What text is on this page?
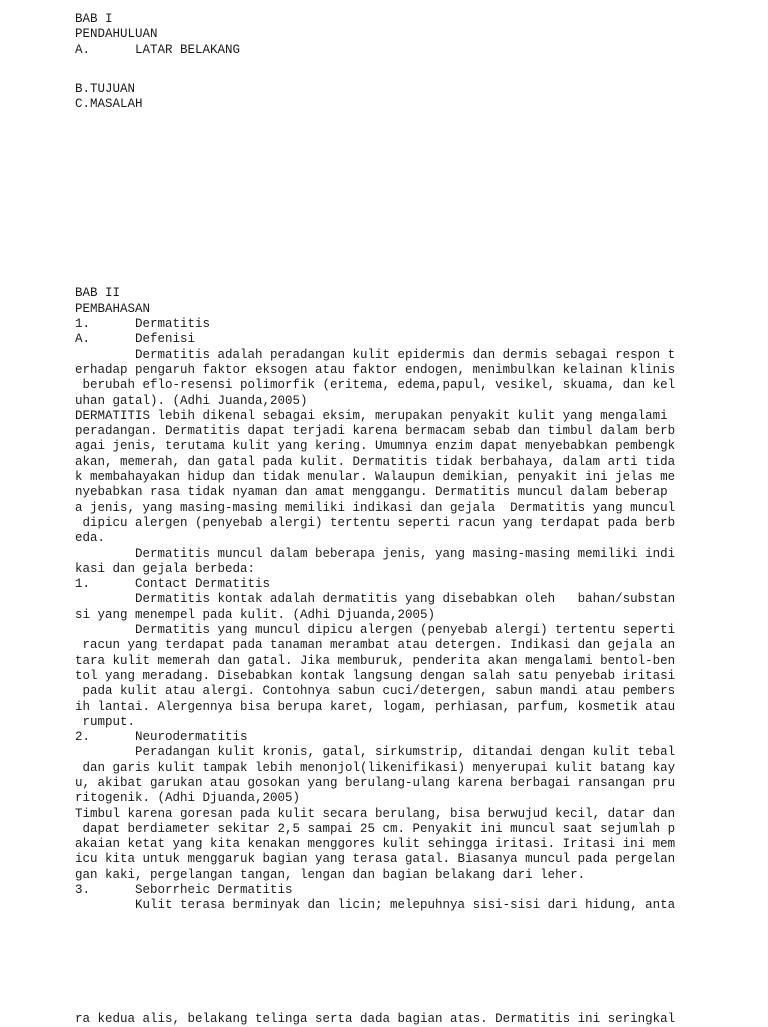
BAB I
PENDAHULUAN
A.      LATAR BELAKANG
B.TUJUAN
C.MASALAH
BAB II
PEMBAHASAN
1.      Dermatitis
A.      Defenisi
Dermatitis adalah peradangan kulit epidermis dan dermis sebagai respon t
erhadap pengaruh faktor eksogen atau faktor endogen, menimbulkan kelainan klinis
berubah eflo-resensi polimorfik (eritema, edema,papul, vesikel, skuama, dan kel
uhan gatal). (Adhi Juanda,2005)
DERMATITIS lebih dikenal sebagai eksim, merupakan penyakit kulit yang mengalami
peradangan. Dermatitis dapat terjadi karena bermacam sebab dan timbul dalam berb
agai jenis, terutama kulit yang kering. Umumnya enzim dapat menyebabkan pembengk
akan, memerah, dan gatal pada kulit. Dermatitis tidak berbahaya, dalam arti tida
k membahayakan hidup dan tidak menular. Walaupun demikian, penyakit ini jelas me
nyebabkan rasa tidak nyaman dan amat menggangu. Dermatitis muncul dalam beberap
a jenis, yang masing-masing memiliki indikasi dan gejala  Dermatitis yang muncul
dipicu alergen (penyebab alergi) tertentu seperti racun yang terdapat pada berb
eda.
Dermatitis muncul dalam beberapa jenis, yang masing-masing memiliki indi
kasi dan gejala berbeda:
1.      Contact Dermatitis
Dermatitis kontak adalah dermatitis yang disebabkan oleh   bahan/substan
si yang menempel pada kulit. (Adhi Djuanda,2005)
Dermatitis yang muncul dipicu alergen (penyebab alergi) tertentu seperti
racun yang terdapat pada tanaman merambat atau detergen. Indikasi dan gejala an
tara kulit memerah dan gatal. Jika memburuk, penderita akan mengalami bentol-ben
tol yang meradang. Disebabkan kontak langsung dengan salah satu penyebab iritasi
pada kulit atau alergi. Contohnya sabun cuci/detergen, sabun mandi atau pembers
ih lantai. Alergennya bisa berupa karet, logam, perhiasan, parfum, kosmetik atau
rumput.
2.      Neurodermatitis
Peradangan kulit kronis, gatal, sirkumstrip, ditandai dengan kulit tebal
dan garis kulit tampak lebih menonjol(likenifikasi) menyerupai kulit batang kay
u, akibat garukan atau gosokan yang berulang-ulang karena berbagai ransangan pru
ritogenik. (Adhi Djuanda,2005)
Timbul karena goresan pada kulit secara berulang, bisa berwujud kecil, datar dan
dapat berdiameter sekitar 2,5 sampai 25 cm. Penyakit ini muncul saat sejumlah p
akaian ketat yang kita kenakan menggores kulit sehingga iritasi. Iritasi ini mem
icu kita untuk menggaruk bagian yang terasa gatal. Biasanya muncul pada pergelan
gan kaki, pergelangan tangan, lengan dan bagian belakang dari leher.
3.      Seborrheic Dermatitis
Kulit terasa berminyak dan licin; melepuhnya sisi-sisi dari hidung, anta
ra kedua alis, belakang telinga serta dada bagian atas. Dermatitis ini seringkal
